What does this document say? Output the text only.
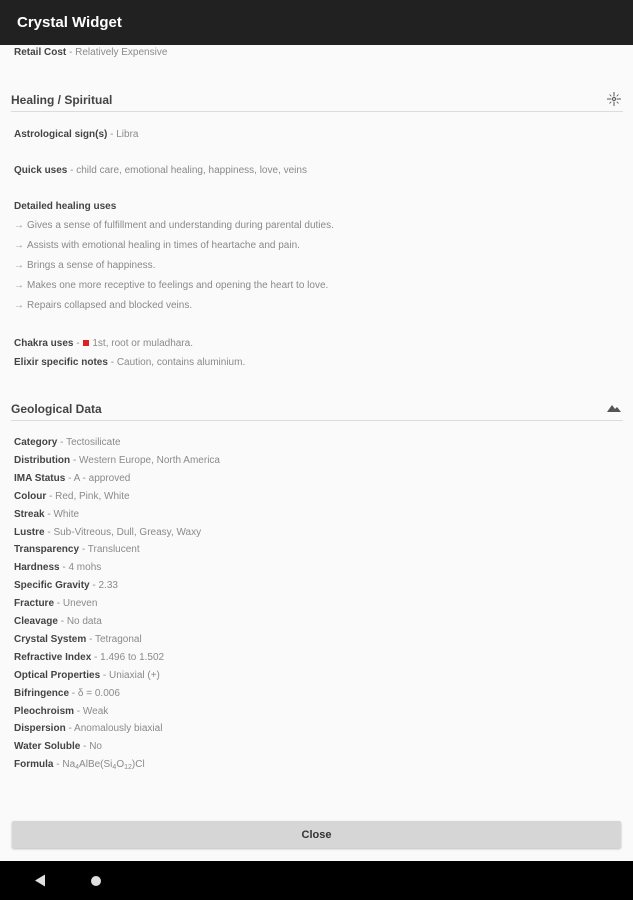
Crystal Widget
Retail Cost - Relatively Expensive
Healing / Spiritual
Astrological sign(s) - Libra
Quick uses - child care, emotional healing, happiness, love, veins
Detailed healing uses
→ Gives a sense of fulfillment and understanding during parental duties.
→ Assists with emotional healing in times of heartache and pain.
→ Brings a sense of happiness.
→ Makes one more receptive to feelings and opening the heart to love.
→ Repairs collapsed and blocked veins.
Chakra uses - 1st, root or muladhara.
Elixir specific notes - Caution, contains aluminium.
Geological Data
Category - Tectosilicate
Distribution - Western Europe, North America
IMA Status - A - approved
Colour - Red, Pink, White
Streak - White
Lustre - Sub-Vitreous, Dull, Greasy, Waxy
Transparency - Translucent
Hardness - 4 mohs
Specific Gravity - 2.33
Fracture - Uneven
Cleavage - No data
Crystal System - Tetragonal
Refractive Index - 1.496 to 1.502
Optical Properties - Uniaxial (+)
Bifringence - δ = 0.006
Pleochroism - Weak
Dispersion - Anomalously biaxial
Water Soluble - No
Formula - $Na_4AlBe(Si_4O_{12})Cl$
Close
